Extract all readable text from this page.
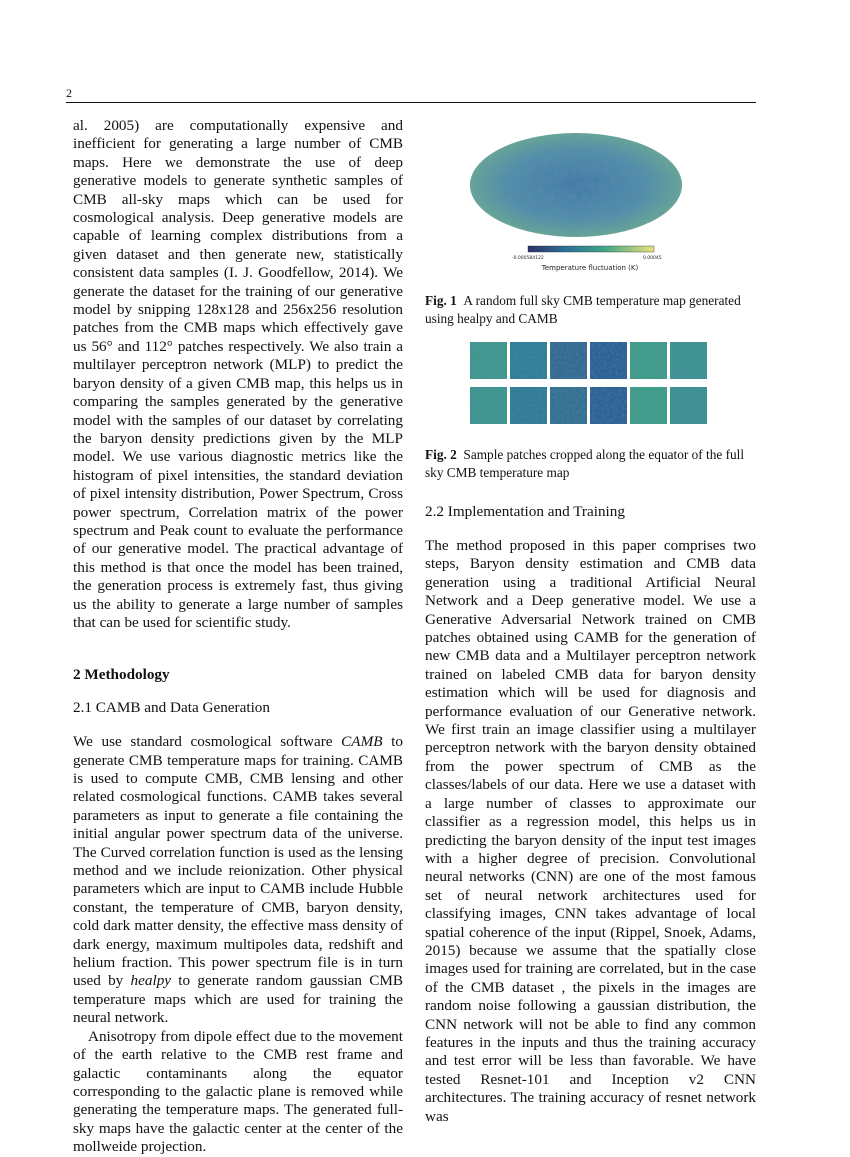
2

al. 2005) are computationally expensive and inefficient for generating a large number of CMB maps. Here we demonstrate the use of deep generative models to generate synthetic samples of CMB all-sky maps which can be used for cosmological analysis. Deep generative models are capable of learning complex distributions from a given dataset and then generate new, statistically consistent data samples (I. J. Goodfellow, 2014). We generate the dataset for the training of our generative model by snipping 128x128 and 256x256 resolution patches from the CMB maps which effectively gave us 56° and 112° patches respectively. We also train a multilayer perceptron network (MLP) to predict the baryon density of a given CMB map, this helps us in comparing the samples generated by the generative model with the samples of our dataset by correlating the baryon density predictions given by the MLP model. We use various diagnostic metrics like the histogram of pixel intensities, the standard deviation of pixel intensity distribution, Power Spectrum, Cross power spectrum, Correlation matrix of the power spectrum and Peak count to evaluate the performance of our generative model. The practical advantage of this method is that once the model has been trained, the generation process is extremely fast, thus giving us the ability to generate a large number of samples that can be used for scientific study.

2 Methodology
2.1 CAMB and Data Generation

We use standard cosmological software CAMB to generate CMB temperature maps for training. CAMB is used to compute CMB, CMB lensing and other related cosmological functions. CAMB takes several parameters as input to generate a file containing the initial angular power spectrum data of the universe. The Curved correlation function is used as the lensing method and we include reionization. Other physical parameters which are input to CAMB include Hubble constant, the temperature of CMB, baryon density, cold dark matter density, the effective mass density of dark energy, maximum multipoles data, redshift and helium fraction. This power spectrum file is in turn used by healpy to generate random gaussian CMB temperature maps which are used for training the neural network.

Anisotropy from dipole effect due to the movement of the earth relative to the CMB rest frame and galactic contaminants along the equator corresponding to the galactic plane is removed while generating the temperature maps. The generated full-sky maps have the galactic center at the center of the mollweide projection.

-0.000584122	0.00045
Temperature fluctuation (K)
Fig. 1 A random full sky CMB temperature map generated using healpy and CAMB
Fig. 2 Sample patches cropped along the equator of the full sky CMB temperature map
2.2 Implementation and Training

The method proposed in this paper comprises two steps, Baryon density estimation and CMB data generation using a traditional Artificial Neural Network and a Deep generative model. We use a Generative Adversarial Network trained on CMB patches obtained using CAMB for the generation of new CMB data and a Multilayer perceptron network trained on labeled CMB data for baryon density estimation which will be used for diagnosis and performance evaluation of our Generative network. We first train an image classifier using a multilayer perceptron network with the baryon density obtained from the power spectrum of CMB as the classes/labels of our data. Here we use a dataset with a large number of classes to approximate our classifier as a regression model, this helps us in predicting the baryon density of the input test images with a higher degree of precision. Convolutional neural networks (CNN) are one of the most famous set of neural network architectures used for classifying images, CNN takes advantage of local spatial coherence of the input (Rippel, Snoek, Adams, 2015) because we assume that the spatially close images used for training are correlated, but in the case of the CMB dataset , the pixels in the images are random noise following a gaussian distribution, the CNN network will not be able to find any common features in the inputs and thus the training accuracy and test error will be less than favorable. We have tested Resnet-101 and Inception v2 CNN architectures. The training accuracy of resnet network was
